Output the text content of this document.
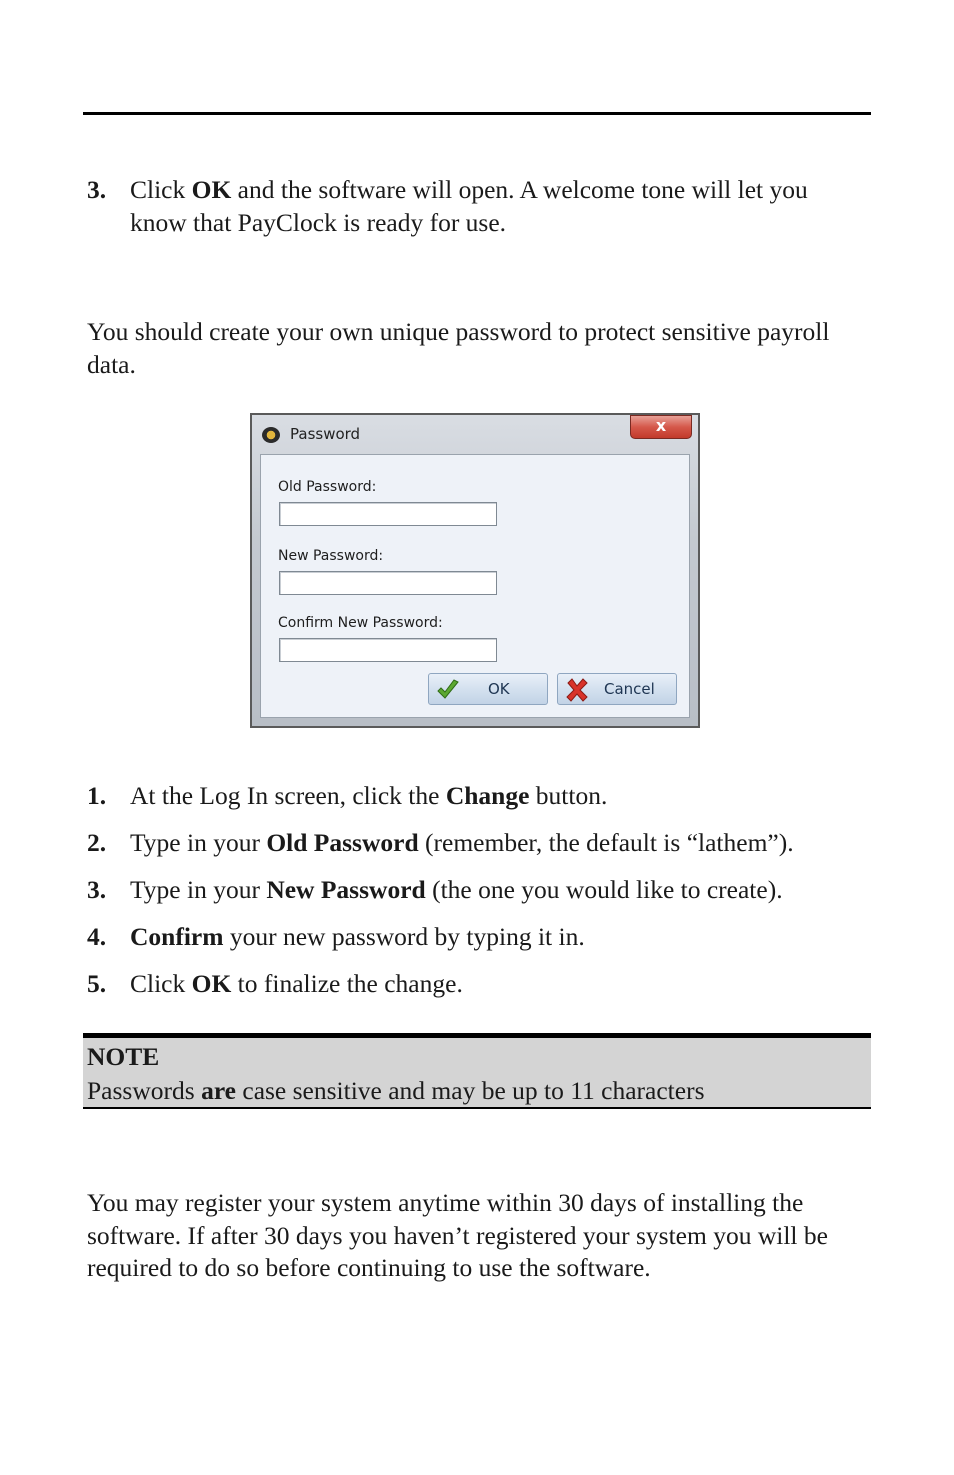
3. Click OK and the software will open. A welcome tone will let you know that PayClock is ready for use.
You should create your own unique password to protect sensitive payroll data.
Password	x
Old Password:
New Password:
Confirm New Password:
OK	Cancel
1. At the Log In screen, click the Change button.
2. Type in your Old Password (remember, the default is “lathem”).
3. Type in your New Password (the one you would like to create).
4. Confirm your new password by typing it in.
5. Click OK to finalize the change.
NOTE
Passwords are case sensitive and may be up to 11 characters
You may register your system anytime within 30 days of installing the software. If after 30 days you haven’t registered your system you will be required to do so before continuing to use the software.
